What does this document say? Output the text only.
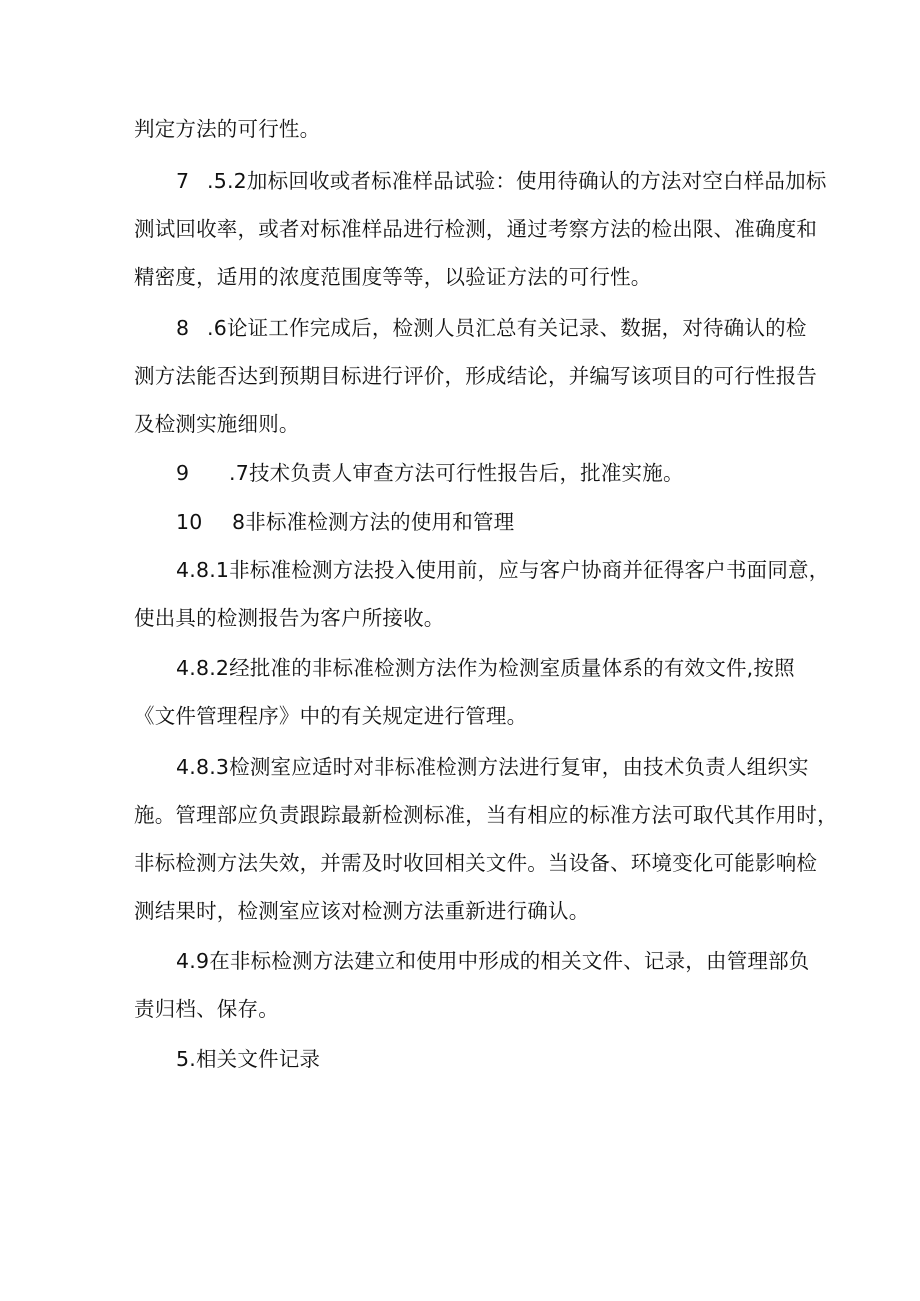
判定方法的可行性。
7 .5.2加标回收或者标准样品试验：使用待确认的方法对空白样品加标
测试回收率，或者对标准样品进行检测，通过考察方法的检出限、准确度和
精密度，适用的浓度范围度等等，以验证方法的可行性。
8 .6论证工作完成后，检测人员汇总有关记录、数据，对待确认的检
测方法能否达到预期目标进行评价，形成结论，并编写该项目的可行性报告
及检测实施细则。
9 .7技术负责人审查方法可行性报告后，批准实施。
10 8非标准检测方法的使用和管理
4.8.1非标准检测方法投入使用前，应与客户协商并征得客户书面同意，
使出具的检测报告为客户所接收。
4.8.2经批准的非标准检测方法作为检测室质量体系的有效文件,按照
《文件管理程序》中的有关规定进行管理。
4.8.3检测室应适时对非标准检测方法进行复审，由技术负责人组织实
施。管理部应负责跟踪最新检测标准，当有相应的标准方法可取代其作用时，
非标检测方法失效，并需及时收回相关文件。当设备、环境变化可能影响检
测结果时，检测室应该对检测方法重新进行确认。
4.9在非标检测方法建立和使用中形成的相关文件、记录，由管理部负
责归档、保存。
5.相关文件记录
